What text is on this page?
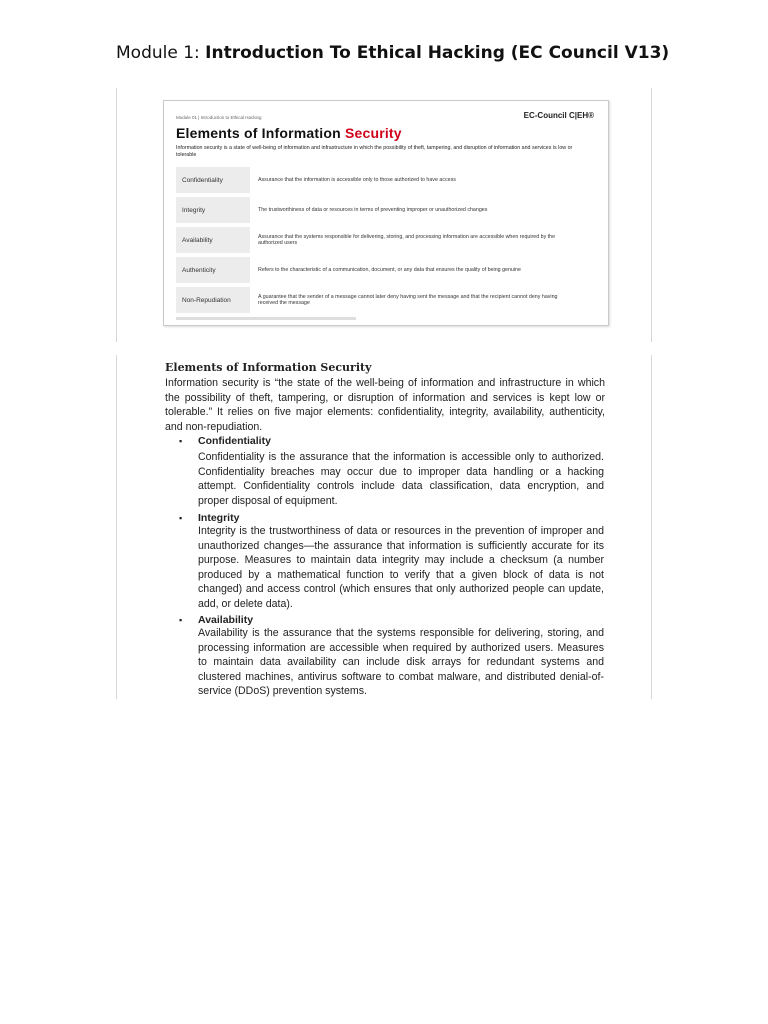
Module 1: Introduction To Ethical Hacking (EC Council V13)
Module 01 | Introduction to Ethical Hacking	EC-Council C|EH®
Elements of Information Security
Information security is a state of well-being of information and infrastructure in which the possibility of theft, tampering, and disruption of information and services is low or tolerable
Confidentiality	Assurance that the information is accessible only to those authorized to have access
Integrity	The trustworthiness of data or resources in terms of preventing improper or unauthorized changes
Availability	Assurance that the systems responsible for delivering, storing, and processing information are accessible when required by the authorized users
Authenticity	Refers to the characteristic of a communication, document, or any data that ensures the quality of being genuine
Non-Repudiation	A guarantee that the sender of a message cannot later deny having sent the message and that the recipient cannot deny having received the message
Elements of Information Security
Information security is “the state of the well-being of information and infrastructure in which the possibility of theft, tampering, or disruption of information and services is kept low or tolerable.” It relies on five major elements: confidentiality, integrity, availability, authenticity, and non-repudiation.
▪ Confidentiality
Confidentiality is the assurance that the information is accessible only to authorized. Confidentiality breaches may occur due to improper data handling or a hacking attempt. Confidentiality controls include data classification, data encryption, and proper disposal of equipment.
▪ Integrity
Integrity is the trustworthiness of data or resources in the prevention of improper and unauthorized changes—the assurance that information is sufficiently accurate for its purpose. Measures to maintain data integrity may include a checksum (a number produced by a mathematical function to verify that a given block of data is not changed) and access control (which ensures that only authorized people can update, add, or delete data).
▪ Availability
Availability is the assurance that the systems responsible for delivering, storing, and processing information are accessible when required by authorized users. Measures to maintain data availability can include disk arrays for redundant systems and clustered machines, antivirus software to combat malware, and distributed denial-of-service (DDoS) prevention systems.
